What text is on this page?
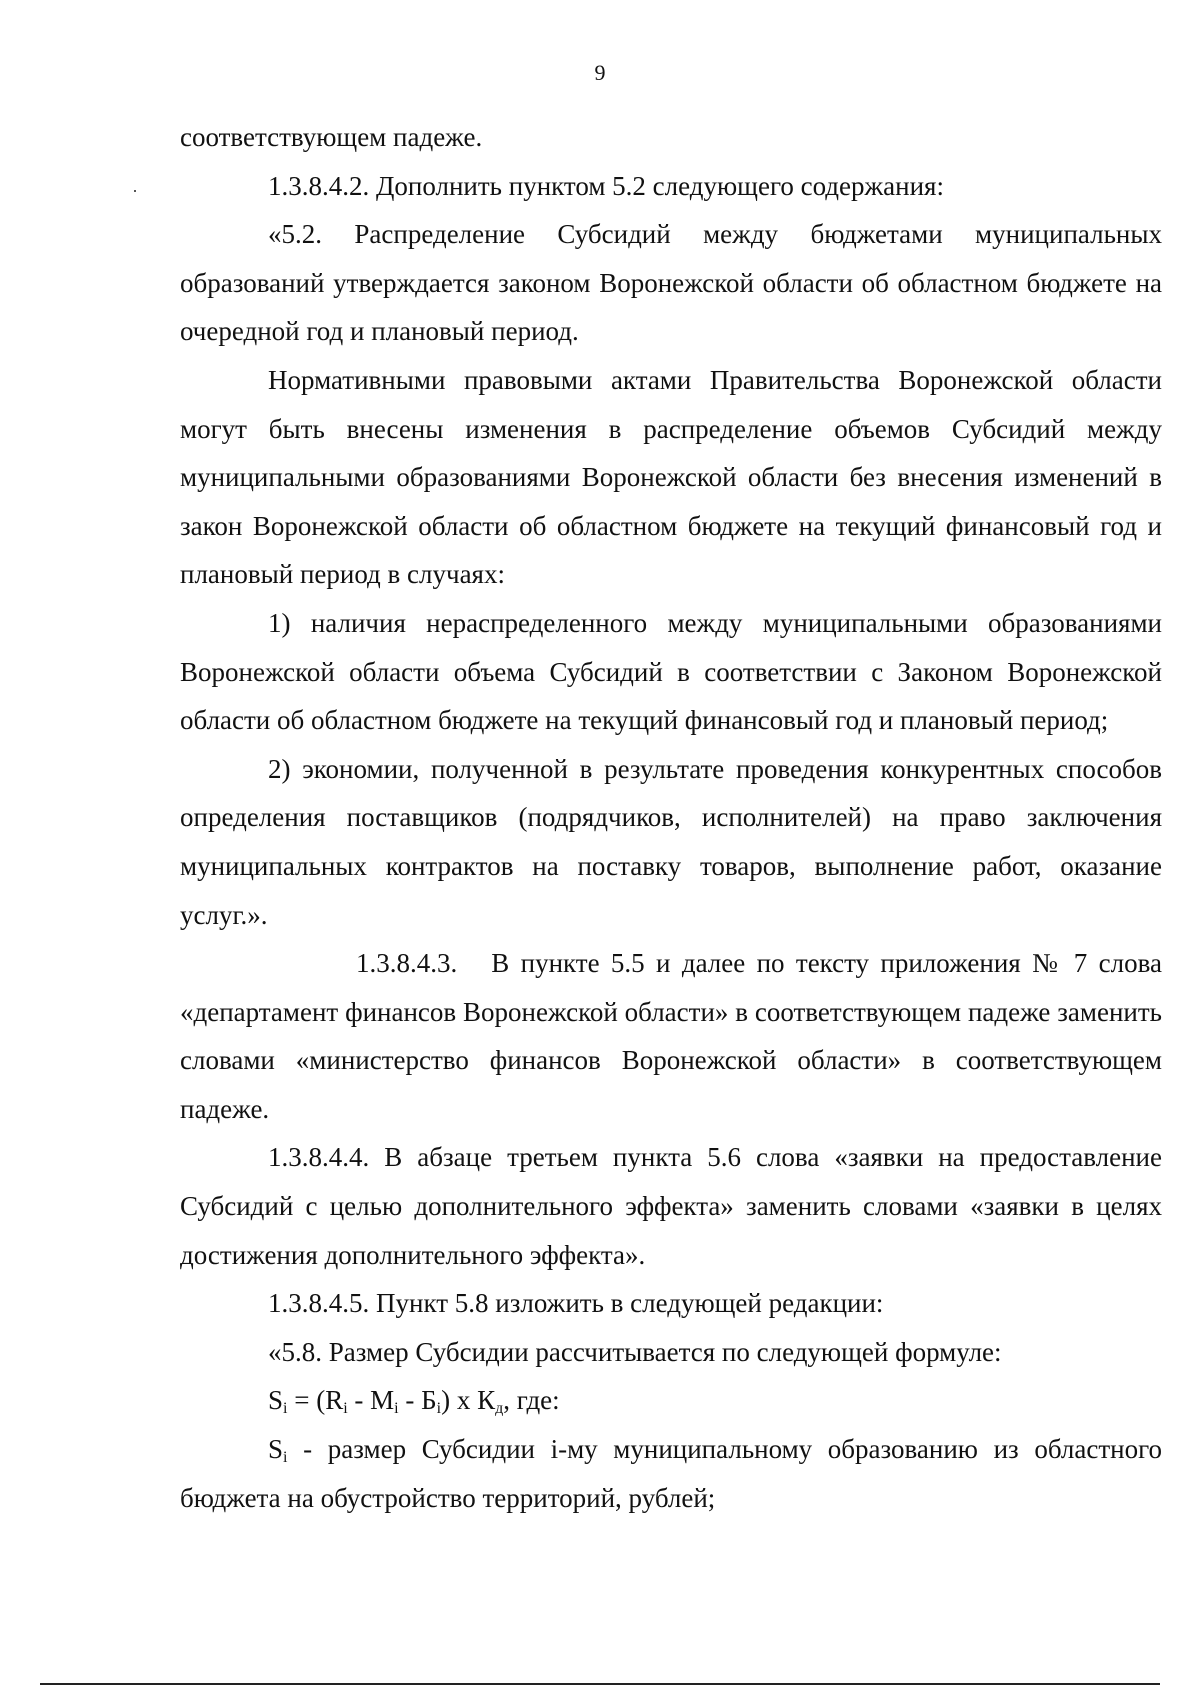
9

соответствующем падеже.

1.3.8.4.2. Дополнить пунктом 5.2 следующего содержания:

«5.2. Распределение Субсидий между бюджетами муниципальных образований утверждается законом Воронежской области об областном бюджете на очередной год и плановый период.

Нормативными правовыми актами Правительства Воронежской области могут быть внесены изменения в распределение объемов Субсидий между муниципальными образованиями Воронежской области без внесения изменений в закон Воронежской области об областном бюджете на текущий финансовый год и плановый период в случаях:

1) наличия нераспределенного между муниципальными образованиями Воронежской области объема Субсидий в соответствии с Законом Воронежской области об областном бюджете на текущий финансовый год и плановый период;

2) экономии, полученной в результате проведения конкурентных способов определения поставщиков (подрядчиков, исполнителей) на право заключения муниципальных контрактов на поставку товаров, выполнение работ, оказание услуг.».

1.3.8.4.3. В пункте 5.5 и далее по тексту приложения № 7 слова «департамент финансов Воронежской области» в соответствующем падеже заменить словами «министерство финансов Воронежской области» в соответствующем падеже.

1.3.8.4.4. В абзаце третьем пункта 5.6 слова «заявки на предоставление Субсидий с целью дополнительного эффекта» заменить словами «заявки в целях достижения дополнительного эффекта».

1.3.8.4.5. Пункт 5.8 изложить в следующей редакции:

«5.8. Размер Субсидии рассчитывается по следующей формуле:

$S_i = (R_i - M_i - Б_i)$ x $К_д$, где:

$S_i$ - размер Субсидии i-му муниципальному образованию из областного бюджета на обустройство территорий, рублей;
